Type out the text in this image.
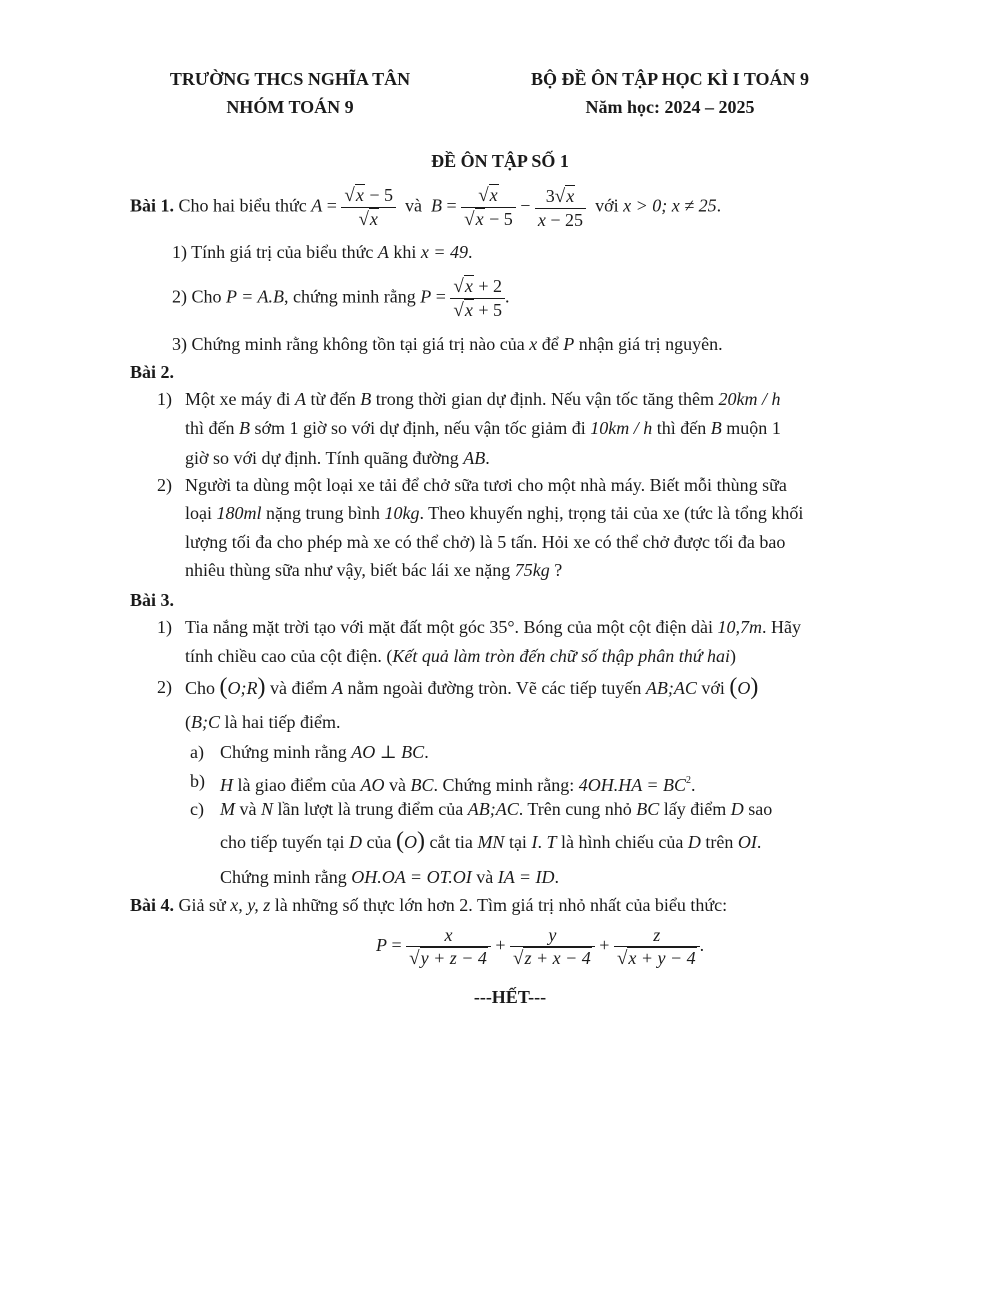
TRƯỜNG THCS NGHĨA TÂN
NHÓM TOÁN 9
BỘ ĐỀ ÔN TẬP HỌC KÌ I TOÁN 9
Năm học: 2024 – 2025
ĐỀ ÔN TẬP SỐ 1
Bài 1. Cho hai biểu thức $A = \frac{√x - 5}{√x}$ và $B = \frac{√x}{√x - 5} - \frac{3√x}{x - 25}$ với x > 0; x ≠ 25.
1) Tính giá trị của biểu thức A khi x = 49.
2) Cho P = A.B, chứng minh rằng $P = \frac{√x + 2}{√x + 5}$ .
3) Chứng minh rằng không tồn tại giá trị nào của x để P nhận giá trị nguyên.
Bài 2.
1) Một xe máy đi A từ đến B trong thời gian dự định. Nếu vận tốc tăng thêm 20km / h
thì đến B sớm 1 giờ so với dự định, nếu vận tốc giảm đi 10km / h thì đến B muộn 1
giờ so với dự định. Tính quãng đường AB.
2) Người ta dùng một loại xe tải để chở sữa tươi cho một nhà máy. Biết mỗi thùng sữa
loại 180ml nặng trung bình 10kg. Theo khuyến nghị, trọng tải của xe (tức là tổng khối
lượng tối đa cho phép mà xe có thể chở) là 5 tấn. Hỏi xe có thể chở được tối đa bao
nhiêu thùng sữa như vậy, biết bác lái xe nặng 75kg ?
Bài 3.
1) Tia nắng mặt trời tạo với mặt đất một góc 35°. Bóng của một cột điện dài 10,7m. Hãy
tính chiều cao của cột điện. (Kết quả làm tròn đến chữ số thập phân thứ hai)
2) Cho (O;R) và điểm A nằm ngoài đường tròn. Vẽ các tiếp tuyến AB;AC với (O)
(B;C là hai tiếp điểm.
a) Chứng minh rằng AO ⊥ BC.
b) H là giao điểm của AO và BC. Chứng minh rằng: $4OH.HA = BC^2$.
c) M và N lần lượt là trung điểm của AB;AC. Trên cung nhỏ BC lấy điểm D sao
cho tiếp tuyến tại D của (O) cắt tia MN tại I. T là hình chiếu của D trên OI.
Chứng minh rằng OH.OA = OT.OI và IA = ID.
Bài 4. Giả sử x, y, z là những số thực lớn hơn 2. Tìm giá trị nhỏ nhất của biểu thức:
$P = \frac{x}{√y + z - 4} + \frac{y}{√z + x - 4} + \frac{z}{√x + y - 4}$ .
---HẾT---
